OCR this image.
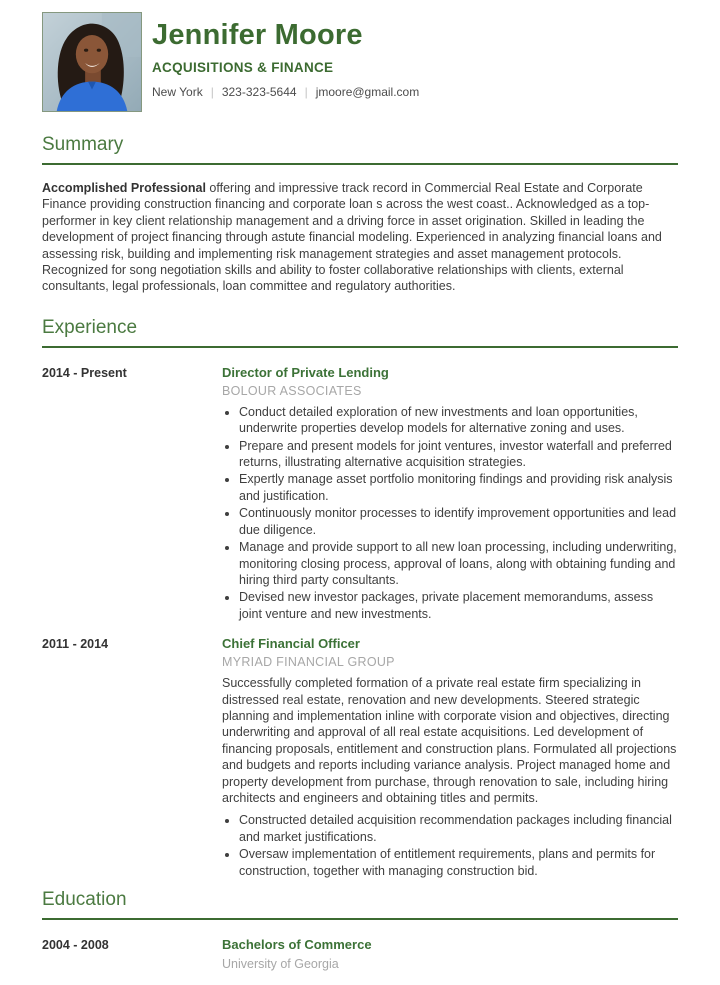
Jennifer Moore
ACQUISITIONS & FINANCE
New York | 323-323-5644 | jmoore@gmail.com
Summary

Accomplished Professional offering and impressive track record in Commercial Real Estate and Corporate Finance providing construction financing and corporate loan s across the west coast.. Acknowledged as a top-performer in key client relationship management and a driving force in asset origination. Skilled in leading the development of project financing through astute financial modeling. Experienced in analyzing financial loans and assessing risk, building and implementing risk management strategies and asset management protocols. Recognized for song negotiation skills and ability to foster collaborative relationships with clients, external consultants, legal professionals, loan committee and regulatory authorities.

Experience
2014 - Present	Director of Private Lending
BOLOUR ASSOCIATES
• Conduct detailed exploration of new investments and loan opportunities, underwrite properties develop models for alternative zoning and uses.
• Prepare and present models for joint ventures, investor waterfall and preferred returns, illustrating alternative acquisition strategies.
• Expertly manage asset portfolio monitoring findings and providing risk analysis and justification.
• Continuously monitor processes to identify improvement opportunities and lead due diligence.
• Manage and provide support to all new loan processing, including underwriting, monitoring closing process, approval of loans, along with obtaining funding and hiring third party consultants.
• Devised new investor packages, private placement memorandums, assess joint venture and new investments.
2011 - 2014	Chief Financial Officer
MYRIAD FINANCIAL GROUP
Successfully completed formation of a private real estate firm specializing in distressed real estate, renovation and new developments. Steered strategic planning and implementation inline with corporate vision and objectives, directing underwriting and approval of all real estate acquisitions. Led development of financing proposals, entitlement and construction plans. Formulated all projections and budgets and reports including variance analysis. Project managed home and property development from purchase, through renovation to sale, including hiring architects and engineers and obtaining titles and permits.
• Constructed detailed acquisition recommendation packages including financial and market justifications.
• Oversaw implementation of entitlement requirements, plans and permits for construction, together with managing construction bid.
Education
2004 - 2008	Bachelors of Commerce
University of Georgia
